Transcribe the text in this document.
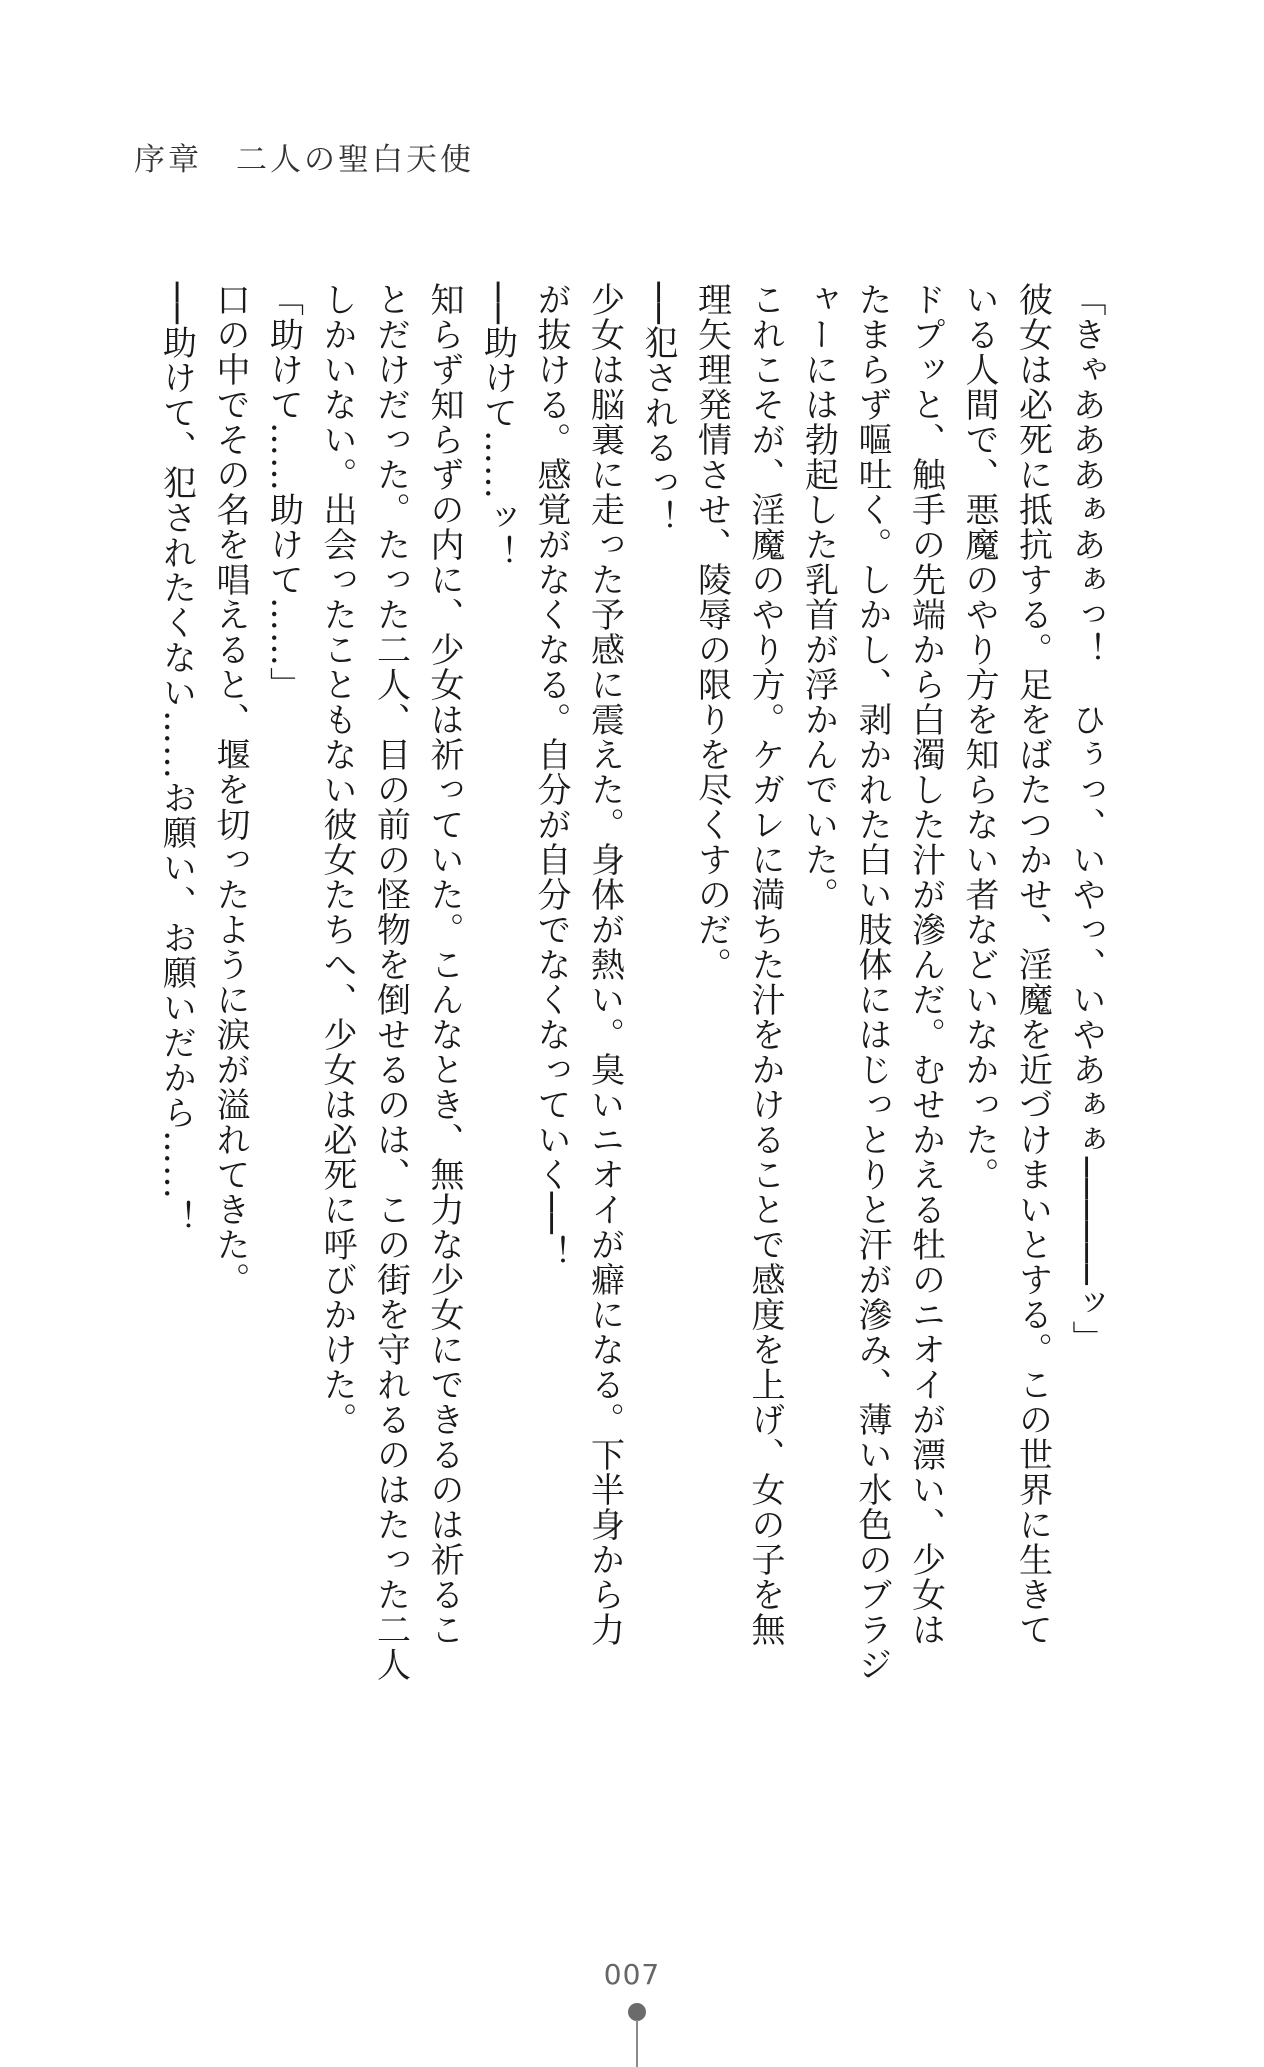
序章　二人の聖白天使
「きゃあああぁあぁっ！　ひぅっ、いやっ、いやあぁぁ──────ッ」
彼女は必死に抵抗する。足をばたつかせ、淫魔を近づけまいとする。この世界に生きて
いる人間で、悪魔のやり方を知らない者などいなかった。
ドプッと、触手の先端から白濁した汁が滲んだ。むせかえる牡のニオイが漂い、少女は
たまらず嘔吐く。しかし、剥かれた白い肢体にはじっとりと汗が滲み、薄い水色のブラジ
ャーには勃起した乳首が浮かんでいた。
これこそが、淫魔のやり方。ケガレに満ちた汁をかけることで感度を上げ、女の子を無
理矢理発情させ、陵辱の限りを尽くすのだ。
──犯されるっ！
少女は脳裏に走った予感に震えた。身体が熱い。臭いニオイが癖になる。下半身から力
が抜ける。感覚がなくなる。自分が自分でなくなっていく──！
──助けて……ッ！
知らず知らずの内に、少女は祈っていた。こんなとき、無力な少女にできるのは祈るこ
とだけだった。たった二人、目の前の怪物を倒せるのは、この街を守れるのはたった二人
しかいない。出会ったこともない彼女たちへ、少女は必死に呼びかけた。
「助けて……助けて……」
口の中でその名を唱えると、堰を切ったように涙が溢れてきた。
──助けて、犯されたくない……お願い、お願いだから……！
007
